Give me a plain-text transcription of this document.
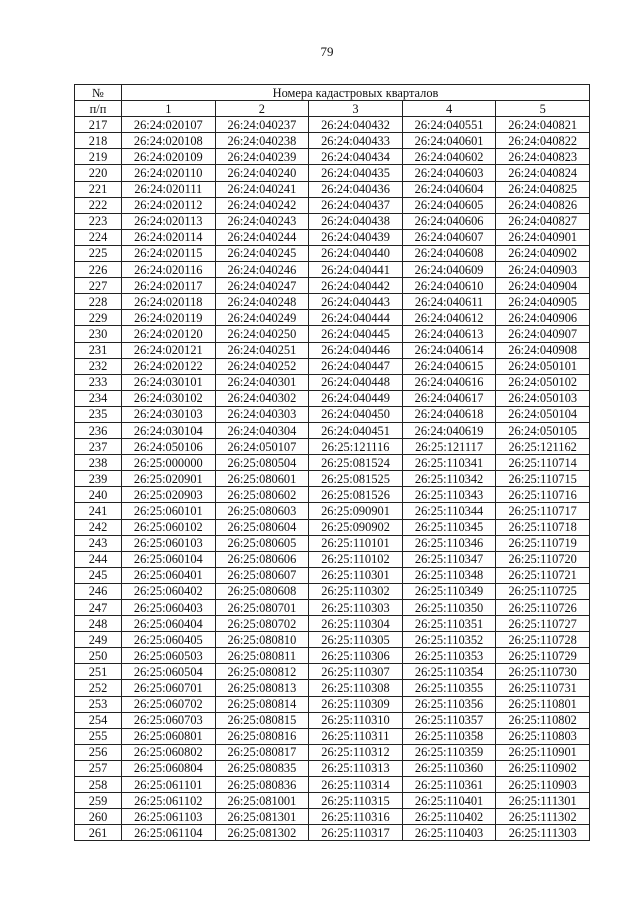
79
№	Номера кадастровых кварталов				
п/п	1	2	3	4	5
217	26:24:020107	26:24:040237	26:24:040432	26:24:040551	26:24:040821
218	26:24:020108	26:24:040238	26:24:040433	26:24:040601	26:24:040822
219	26:24:020109	26:24:040239	26:24:040434	26:24:040602	26:24:040823
220	26:24:020110	26:24:040240	26:24:040435	26:24:040603	26:24:040824
221	26:24:020111	26:24:040241	26:24:040436	26:24:040604	26:24:040825
222	26:24:020112	26:24:040242	26:24:040437	26:24:040605	26:24:040826
223	26:24:020113	26:24:040243	26:24:040438	26:24:040606	26:24:040827
224	26:24:020114	26:24:040244	26:24:040439	26:24:040607	26:24:040901
225	26:24:020115	26:24:040245	26:24:040440	26:24:040608	26:24:040902
226	26:24:020116	26:24:040246	26:24:040441	26:24:040609	26:24:040903
227	26:24:020117	26:24:040247	26:24:040442	26:24:040610	26:24:040904
228	26:24:020118	26:24:040248	26:24:040443	26:24:040611	26:24:040905
229	26:24:020119	26:24:040249	26:24:040444	26:24:040612	26:24:040906
230	26:24:020120	26:24:040250	26:24:040445	26:24:040613	26:24:040907
231	26:24:020121	26:24:040251	26:24:040446	26:24:040614	26:24:040908
232	26:24:020122	26:24:040252	26:24:040447	26:24:040615	26:24:050101
233	26:24:030101	26:24:040301	26:24:040448	26:24:040616	26:24:050102
234	26:24:030102	26:24:040302	26:24:040449	26:24:040617	26:24:050103
235	26:24:030103	26:24:040303	26:24:040450	26:24:040618	26:24:050104
236	26:24:030104	26:24:040304	26:24:040451	26:24:040619	26:24:050105
237	26:24:050106	26:24:050107	26:25:121116	26:25:121117	26:25:121162
238	26:25:000000	26:25:080504	26:25:081524	26:25:110341	26:25:110714
239	26:25:020901	26:25:080601	26:25:081525	26:25:110342	26:25:110715
240	26:25:020903	26:25:080602	26:25:081526	26:25:110343	26:25:110716
241	26:25:060101	26:25:080603	26:25:090901	26:25:110344	26:25:110717
242	26:25:060102	26:25:080604	26:25:090902	26:25:110345	26:25:110718
243	26:25:060103	26:25:080605	26:25:110101	26:25:110346	26:25:110719
244	26:25:060104	26:25:080606	26:25:110102	26:25:110347	26:25:110720
245	26:25:060401	26:25:080607	26:25:110301	26:25:110348	26:25:110721
246	26:25:060402	26:25:080608	26:25:110302	26:25:110349	26:25:110725
247	26:25:060403	26:25:080701	26:25:110303	26:25:110350	26:25:110726
248	26:25:060404	26:25:080702	26:25:110304	26:25:110351	26:25:110727
249	26:25:060405	26:25:080810	26:25:110305	26:25:110352	26:25:110728
250	26:25:060503	26:25:080811	26:25:110306	26:25:110353	26:25:110729
251	26:25:060504	26:25:080812	26:25:110307	26:25:110354	26:25:110730
252	26:25:060701	26:25:080813	26:25:110308	26:25:110355	26:25:110731
253	26:25:060702	26:25:080814	26:25:110309	26:25:110356	26:25:110801
254	26:25:060703	26:25:080815	26:25:110310	26:25:110357	26:25:110802
255	26:25:060801	26:25:080816	26:25:110311	26:25:110358	26:25:110803
256	26:25:060802	26:25:080817	26:25:110312	26:25:110359	26:25:110901
257	26:25:060804	26:25:080835	26:25:110313	26:25:110360	26:25:110902
258	26:25:061101	26:25:080836	26:25:110314	26:25:110361	26:25:110903
259	26:25:061102	26:25:081001	26:25:110315	26:25:110401	26:25:111301
260	26:25:061103	26:25:081301	26:25:110316	26:25:110402	26:25:111302
261	26:25:061104	26:25:081302	26:25:110317	26:25:110403	26:25:111303
